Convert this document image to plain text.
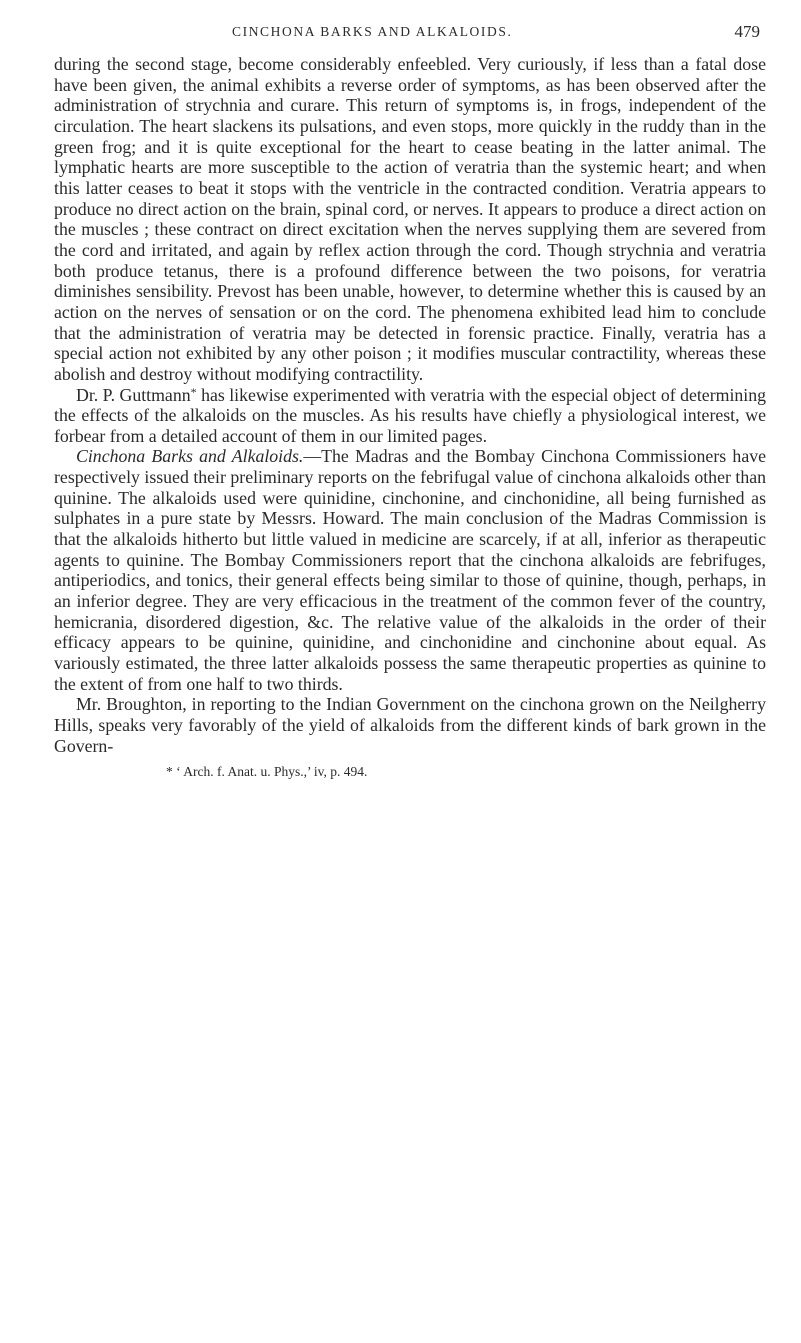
CINCHONA BARKS AND ALKALOIDS.	479

during the second stage, become considerably enfeebled. Very curiously, if less than a fatal dose have been given, the animal exhibits a reverse order of symptoms, as has been observed after the administration of strychnia and curare. This return of symptoms is, in frogs, independent of the circulation. The heart slackens its pulsations, and even stops, more quickly in the ruddy than in the green frog; and it is quite exceptional for the heart to cease beating in the latter animal. The lymphatic hearts are more susceptible to the action of veratria than the systemic heart; and when this latter ceases to beat it stops with the ventricle in the contracted condition. Veratria appears to produce no direct action on the brain, spinal cord, or nerves. It appears to produce a direct action on the muscles ; these contract on direct excitation when the nerves supplying them are severed from the cord and irritated, and again by reflex action through the cord. Though strychnia and veratria both produce tetanus, there is a profound difference between the two poisons, for veratria diminishes sensibility. Prevost has been unable, however, to determine whether this is caused by an action on the nerves of sensation or on the cord. The phenomena exhibited lead him to conclude that the administration of veratria may be detected in forensic practice. Finally, veratria has a special action not exhibited by any other poison ; it modifies muscular contractility, whereas these abolish and destroy without modifying contractility.

Dr. P. Guttmann* has likewise experimented with veratria with the especial object of determining the effects of the alkaloids on the muscles. As his results have chiefly a physiological interest, we forbear from a detailed account of them in our limited pages.

Cinchona Barks and Alkaloids.—The Madras and the Bombay Cinchona Commissioners have respectively issued their preliminary reports on the febrifugal value of cinchona alkaloids other than quinine. The alkaloids used were quinidine, cinchonine, and cinchonidine, all being furnished as sulphates in a pure state by Messrs. Howard. The main conclusion of the Madras Commission is that the alkaloids hitherto but little valued in medicine are scarcely, if at all, inferior as therapeutic agents to quinine. The Bombay Commissioners report that the cinchona alkaloids are febrifuges, antiperiodics, and tonics, their general effects being similar to those of quinine, though, perhaps, in an inferior degree. They are very efficacious in the treatment of the common fever of the country, hemicrania, disordered digestion, &c. The relative value of the alkaloids in the order of their efficacy appears to be quinine, quinidine, and cinchonidine and cinchonine about equal. As variously estimated, the three latter alkaloids possess the same therapeutic properties as quinine to the extent of from one half to two thirds.

Mr. Broughton, in reporting to the Indian Government on the cinchona grown on the Neilgherry Hills, speaks very favorably of the yield of alkaloids from the different kinds of bark grown in the Govern-

* ‘ Arch. f. Anat. u. Phys.,’ iv, p. 494.
